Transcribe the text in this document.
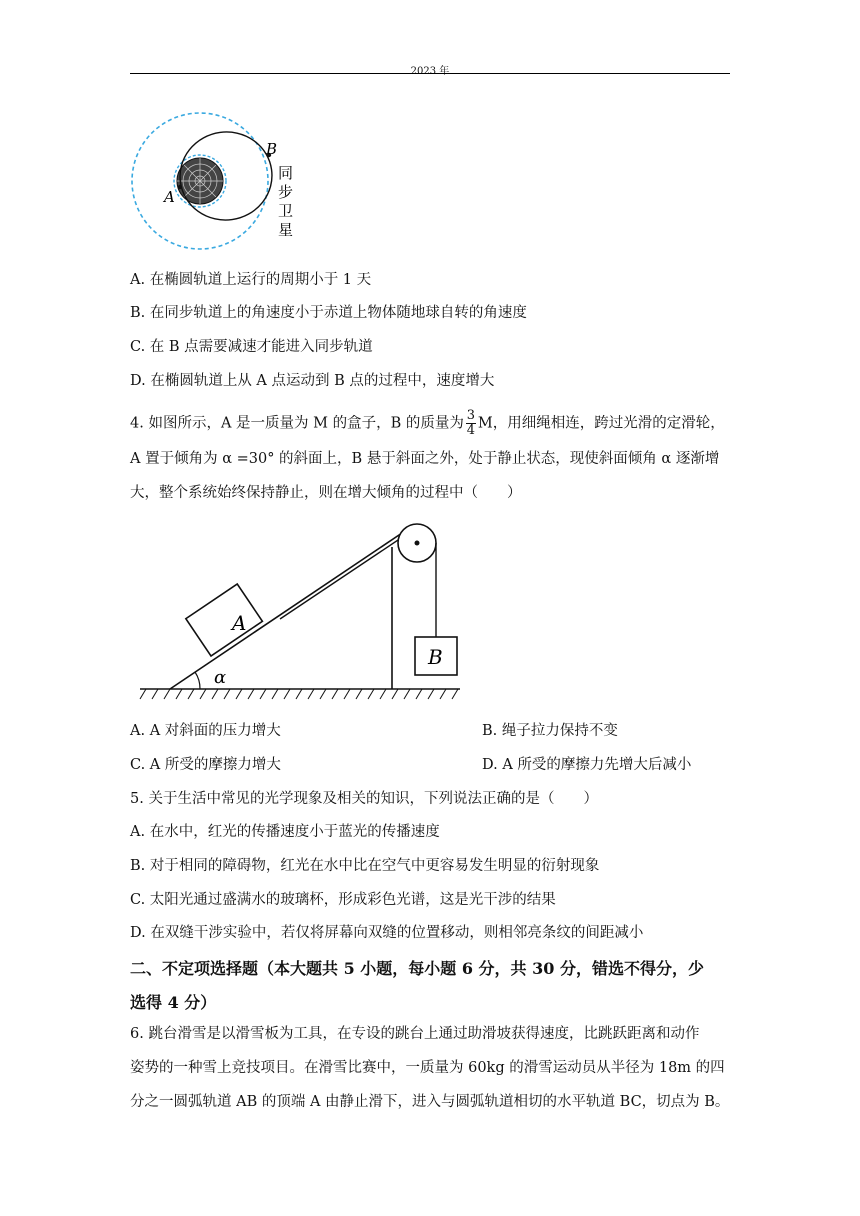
2023 年
A
B
同
步
卫
星
A. 在椭圆轨道上运行的周期小于 1 天
B. 在同步轨道上的角速度小于赤道上物体随地球自转的角速度
C. 在 B 点需要减速才能进入同步轨道
D. 在椭圆轨道上从 A 点运动到 B 点的过程中，速度增大
4. 如图所示，A 是一质量为 M 的盒子，B 的质量为 $\frac{3}{4}$ M，用细绳相连，跨过光滑的定滑轮，
A 置于倾角为 α =30° 的斜面上，B 悬于斜面之外，处于静止状态，现使斜面倾角 α 逐渐增
大，整个系统始终保持静止，则在增大倾角的过程中（　　）
A
B
α
A. A 对斜面的压力增大	B. 绳子拉力保持不变
C. A 所受的摩擦力增大	D. A 所受的摩擦力先增大后减小
5. 关于生活中常见的光学现象及相关的知识，下列说法正确的是（　　）
A. 在水中，红光的传播速度小于蓝光的传播速度
B. 对于相同的障碍物，红光在水中比在空气中更容易发生明显的衍射现象
C. 太阳光通过盛满水的玻璃杯，形成彩色光谱，这是光干涉的结果
D. 在双缝干涉实验中，若仅将屏幕向双缝的位置移动，则相邻亮条纹的间距减小
二、不定项选择题（本大题共 5 小题，每小题 6 分，共 30 分，错选不得分，少
选得 4 分）
6. 跳台滑雪是以滑雪板为工具，在专设的跳台上通过助滑坡获得速度，比跳跃距离和动作
姿势的一种雪上竞技项目。在滑雪比赛中，一质量为 60kg 的滑雪运动员从半径为 18m 的四
分之一圆弧轨道 AB 的顶端 A 由静止滑下，进入与圆弧轨道相切的水平轨道 BC，切点为 B。
